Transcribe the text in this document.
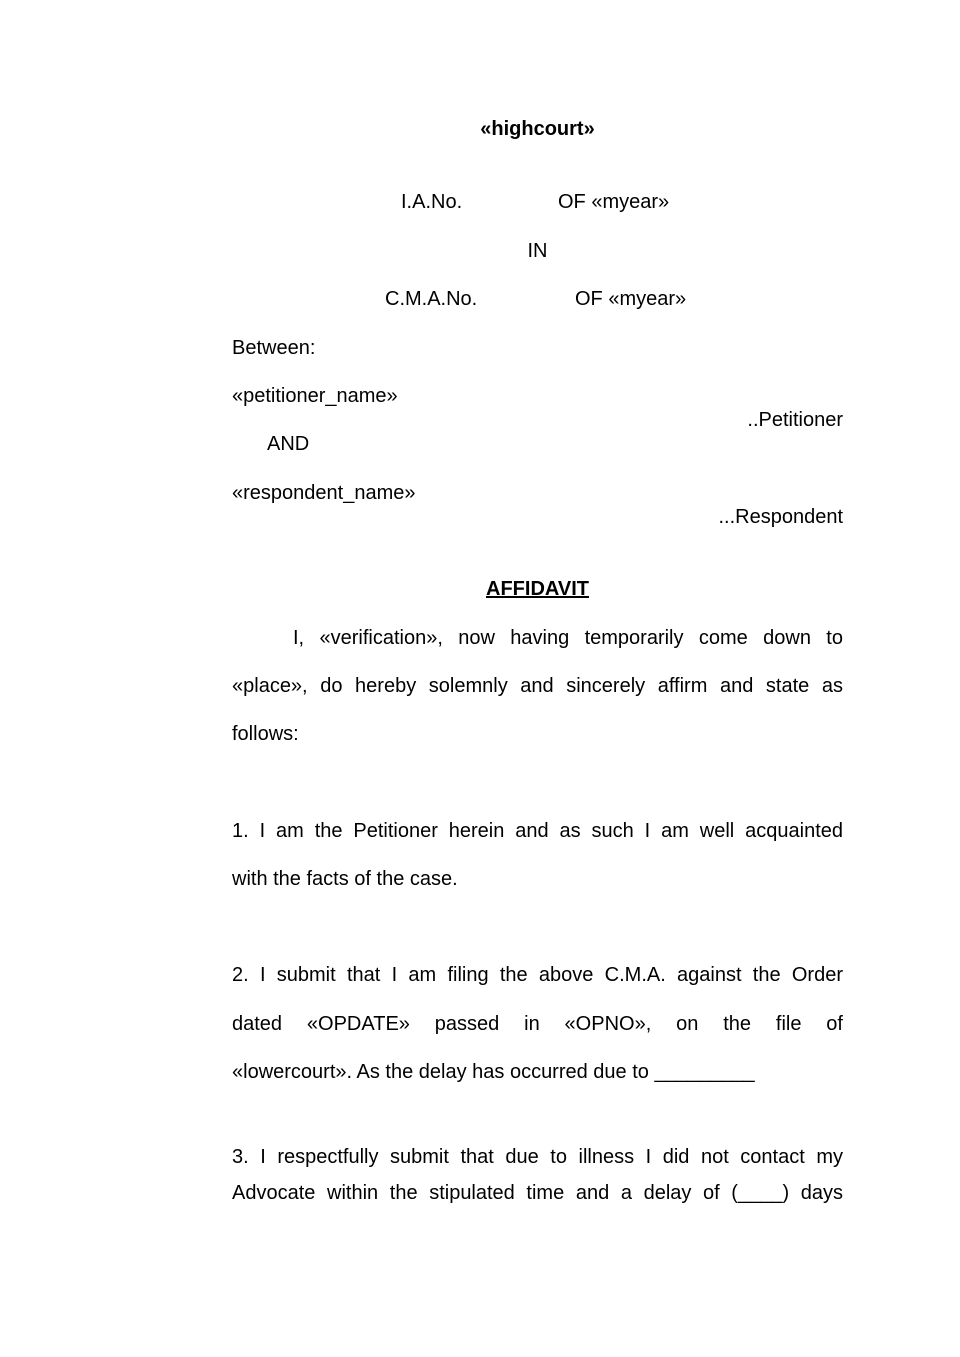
«highcourt»
I.A.No.	OF «myear»
IN
C.M.A.No.	OF «myear»
Between:
«petitioner_name»
..Petitioner
AND
«respondent_name»
...Respondent
AFFIDAVIT
I, «verification», now having temporarily come down to
«place», do hereby solemnly and sincerely affirm and state as
follows:
1. I am the Petitioner herein and as such I am well acquainted
with the facts of the case.
2. I submit that I am filing the above C.M.A. against the Order
dated «OPDATE» passed in «OPNO», on the file of
«lowercourt». As the delay has occurred due to _________
3. I respectfully submit that due to illness I did not contact my
Advocate within the stipulated time and a delay of (____) days
